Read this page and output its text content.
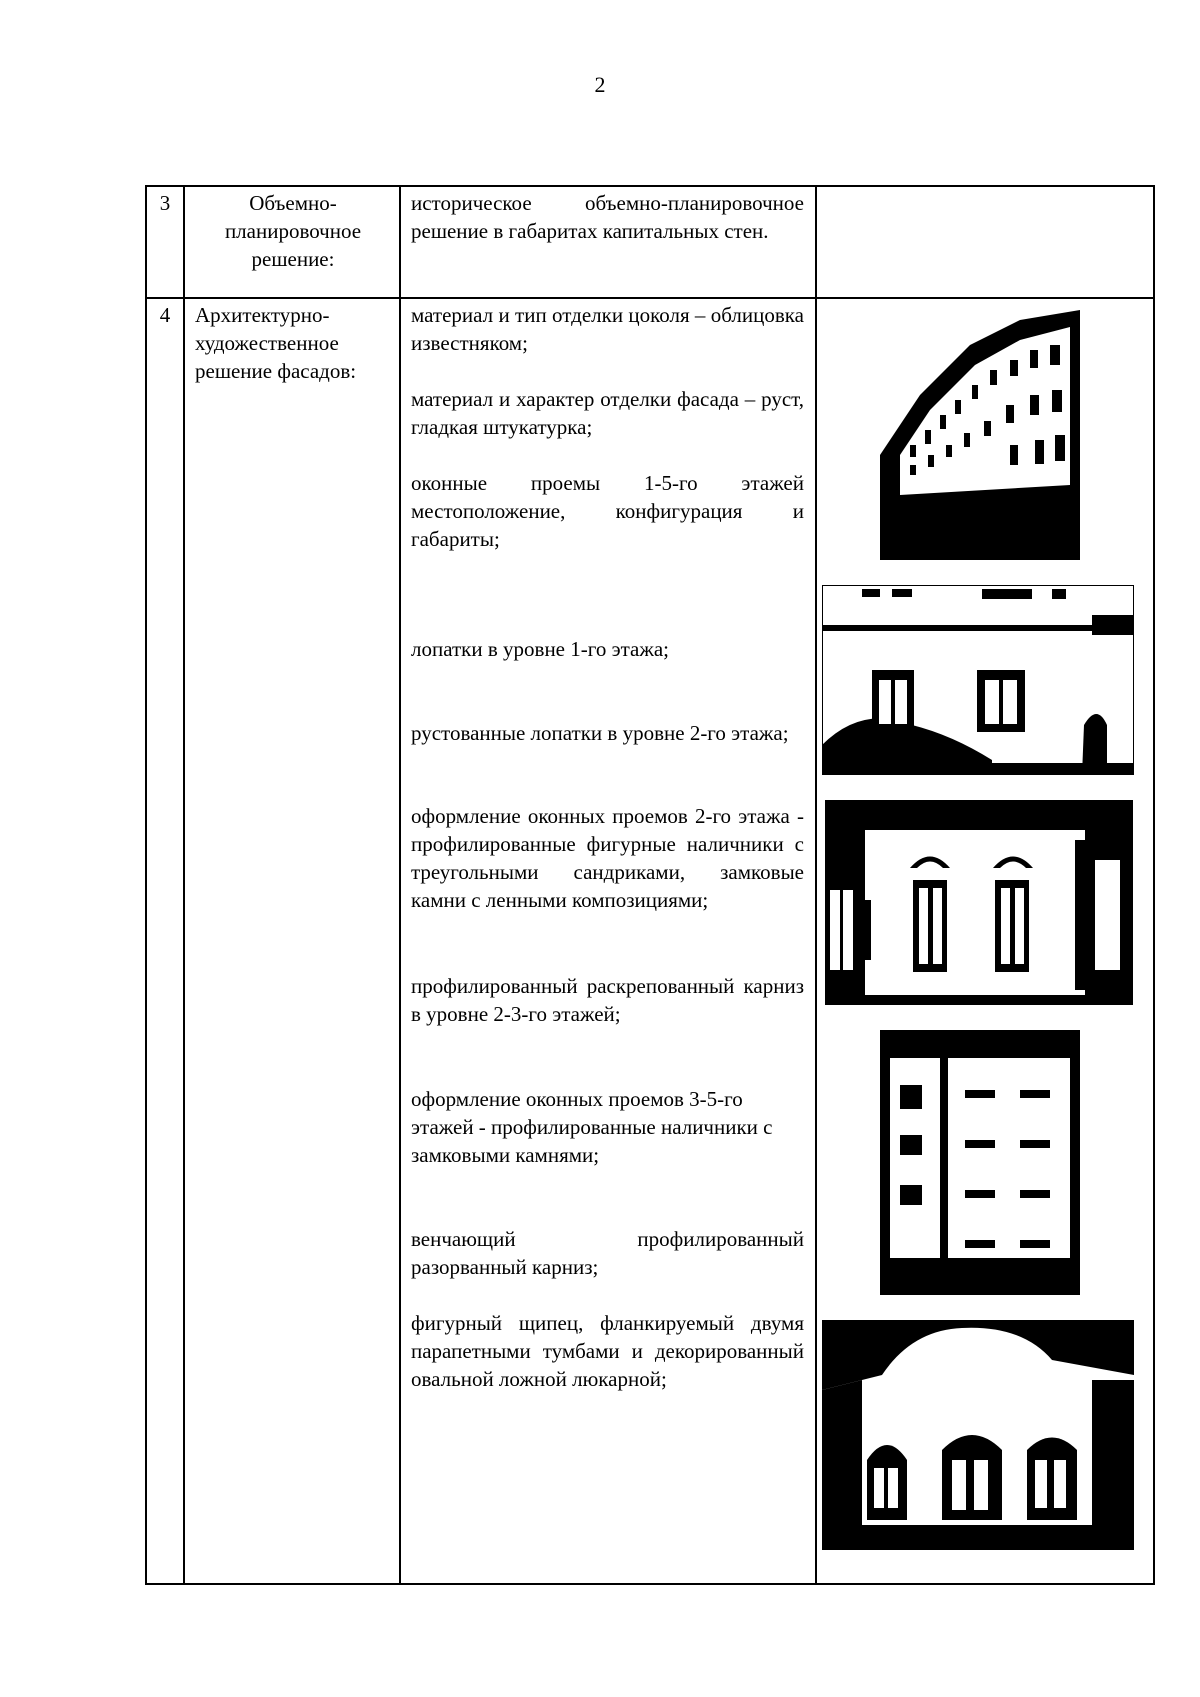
2
3	Объемно-планировочное решение:
историческое объемно-планировочное решение в габаритах капитальных стен.
4	Архитектурно-художественное решение фасадов:

материал и тип отделки цоколя – облицовка известняком;

материал и характер отделки фасада – руст, гладкая штукатурка;

оконные проемы 1-5-го этажей местоположение, конфигурация и габариты;

лопатки в уровне 1-го этажа;

рустованные лопатки в уровне 2-го этажа;

оформление оконных проемов 2-го этажа - профилированные фигурные наличники с треугольными сандриками, замковые камни с ленными композициями;

профилированный раскрепованный карниз в уровне 2-3-го этажей;

оформление оконных проемов 3-5-го этажей - профилированные наличники с замковыми камнями;

венчающий профилированный разорванный карниз;

фигурный щипец, фланкируемый двумя парапетными тумбами и декорированный овальной ложной люкарной;
